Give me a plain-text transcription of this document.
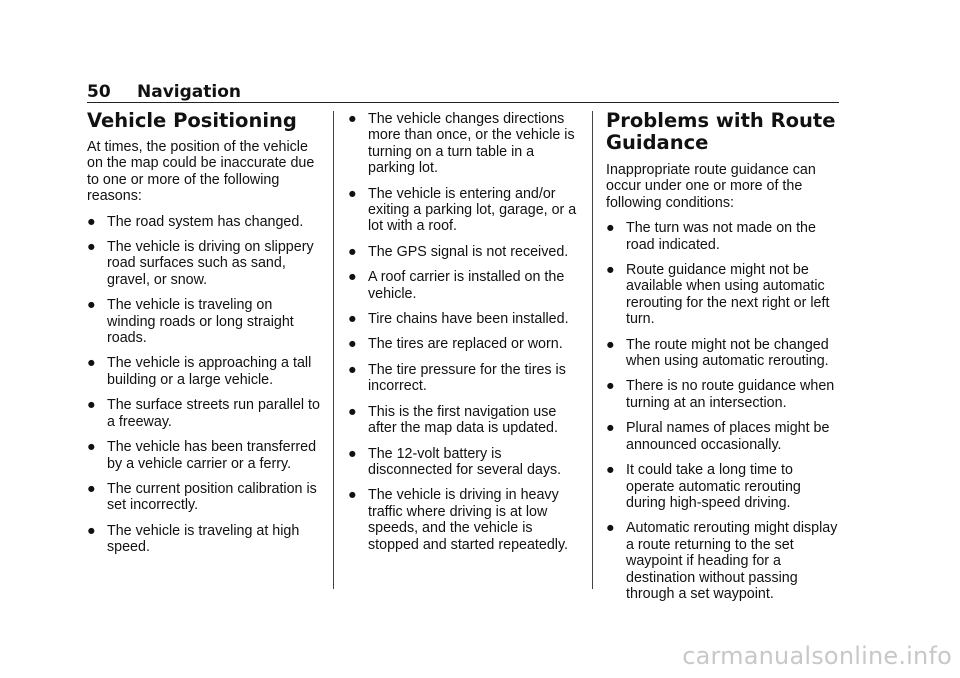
50 Navigation
Vehicle Positioning

At times, the position of the vehicle on the map could be inaccurate due to one or more of the following reasons:

● The road system has changed.
● The vehicle is driving on slippery road surfaces such as sand, gravel, or snow.
● The vehicle is traveling on winding roads or long straight roads.
● The vehicle is approaching a tall building or a large vehicle.
● The surface streets run parallel to a freeway.
● The vehicle has been transferred by a vehicle carrier or a ferry.
● The current position calibration is set incorrectly.
● The vehicle is traveling at high speed.
● The vehicle changes directions more than once, or the vehicle is turning on a turn table in a parking lot.
● The vehicle is entering and/or exiting a parking lot, garage, or a lot with a roof.
● The GPS signal is not received.
● A roof carrier is installed on the vehicle.
● Tire chains have been installed.
● The tires are replaced or worn.
● The tire pressure for the tires is incorrect.
● This is the first navigation use after the map data is updated.
● The 12-volt battery is disconnected for several days.
● The vehicle is driving in heavy traffic where driving is at low speeds, and the vehicle is stopped and started repeatedly.
Problems with Route Guidance

Inappropriate route guidance can occur under one or more of the following conditions:

● The turn was not made on the road indicated.
● Route guidance might not be available when using automatic rerouting for the next right or left turn.
● The route might not be changed when using automatic rerouting.
● There is no route guidance when turning at an intersection.
● Plural names of places might be announced occasionally.
● It could take a long time to operate automatic rerouting during high-speed driving.
● Automatic rerouting might display a route returning to the set waypoint if heading for a destination without passing through a set waypoint.
carmanualsonline.info
